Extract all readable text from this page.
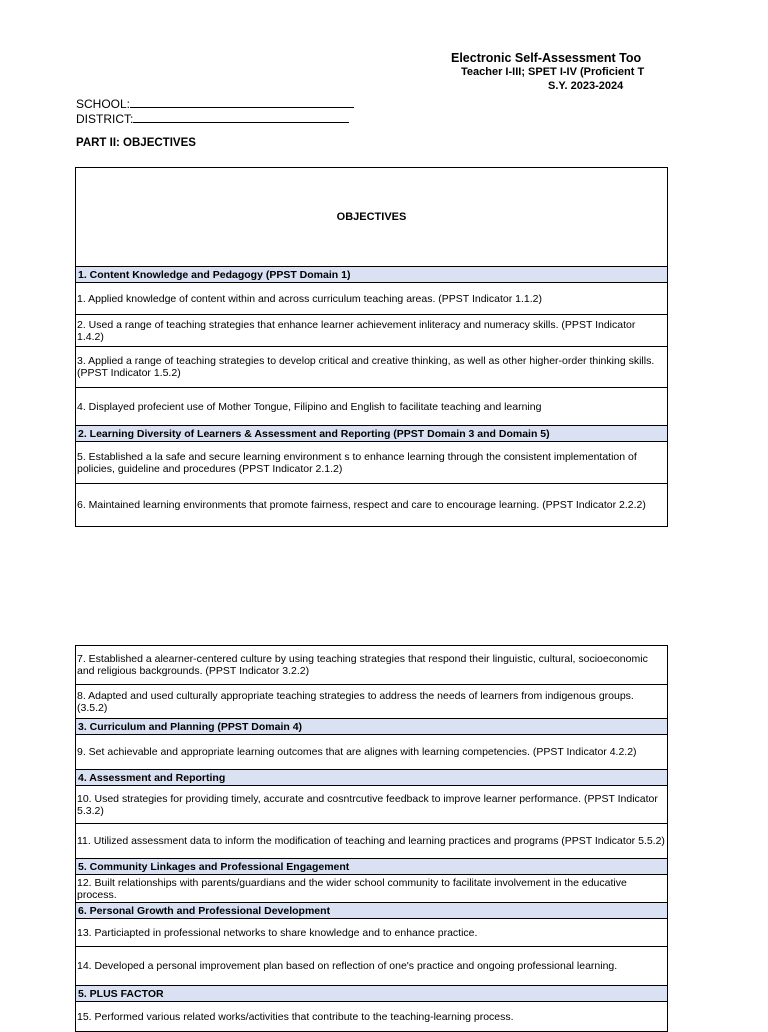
Electronic Self-Assessment Too
Teacher I-III; SPET I-IV (Proficient T
S.Y. 2023-2024
SCHOOL:
DISTRICT:
PART II: OBJECTIVES
OBJECTIVES
1. Content Knowledge and Pedagogy (PPST Domain 1)
1. Applied knowledge of content within and across curriculum teaching areas. (PPST Indicator 1.1.2)
2. Used a range of teaching strategies that enhance learner achievement inliteracy and numeracy skills. (PPST Indicator 1.4.2)
3. Applied a range of teaching strategies to develop critical and creative thinking, as well as other higher-order thinking skills. (PPST Indicator 1.5.2)
4. Displayed profecient use of Mother Tongue, Filipino and English to facilitate teaching and learning
2. Learning Diversity of Learners & Assessment and Reporting (PPST Domain 3 and Domain 5)
5. Established a la safe and secure learning environment s to enhance learning through the consistent implementation of policies, guideline and procedures (PPST Indicator 2.1.2)
6. Maintained learning environments that promote fairness, respect and care to encourage learning. (PPST Indicator 2.2.2)
7. Established a alearner-centered culture by using teaching strategies that respond their linguistic, cultural, socioeconomic and religious backgrounds. (PPST Indicator 3.2.2)
8. Adapted and used culturally appropriate teaching strategies to address the needs of learners from indigenous groups. (3.5.2)
3. Curriculum and Planning (PPST Domain 4)
9. Set achievable and appropriate learning outcomes that are alignes with learning competencies. (PPST Indicator 4.2.2)
4. Assessment and Reporting
10. Used strategies for providing timely, accurate and cosntrcutive feedback to improve learner performance. (PPST Indicator 5.3.2)
11. Utilized assessment data to inform the modification of teaching and learning practices and programs (PPST Indicator 5.5.2)
5. Community Linkages and Professional Engagement
12. Built relationships with parents/guardians and the wider school community to facilitate involvement in the educative process.
6. Personal Growth and Professional Development
13. Particiapted in professional networks to share knowledge and to enhance practice.
14. Developed a personal improvement plan based on reflection of one's practice and ongoing professional learning.
5. PLUS FACTOR
15. Performed various related works/activities that contribute to the teaching-learning process.
